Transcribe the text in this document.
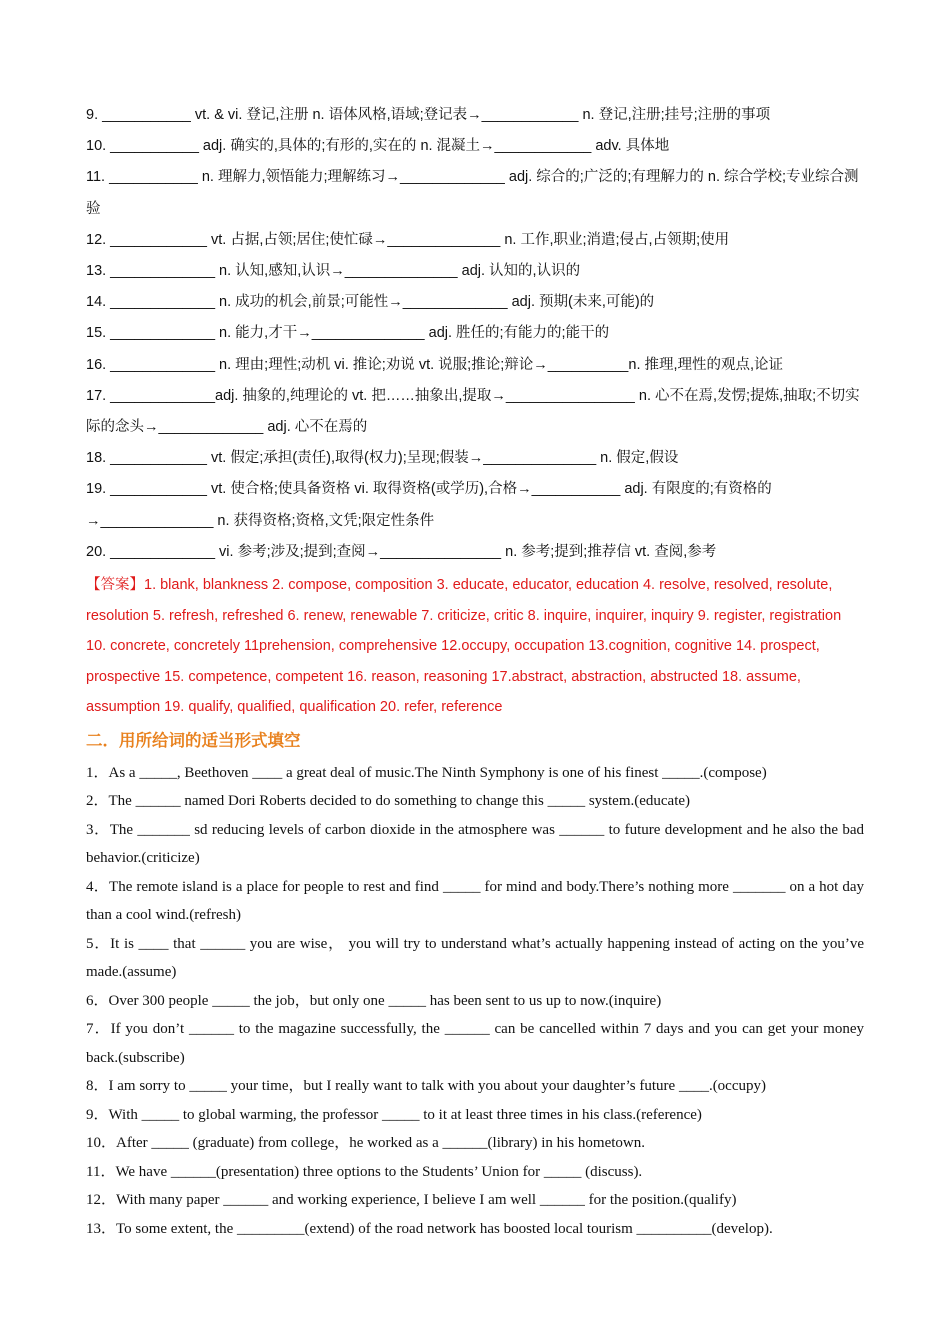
9. ___________ vt. & vi. 登记,注册 n. 语体风格,语域;登记表→____________ n. 登记,注册;挂号;注册的事项

10. ___________ adj. 确实的,具体的;有形的,实在的 n. 混凝土→____________ adv. 具体地

11. ___________ n. 理解力,领悟能力;理解练习→_____________ adj. 综合的;广泛的;有理解力的 n. 综合学校;专业综合测验

12. ____________ vt. 占据,占领;居住;使忙碌→______________ n. 工作,职业;消遣;侵占,占领期;使用

13. _____________ n. 认知,感知,认识→______________ adj. 认知的,认识的

14. _____________ n. 成功的机会,前景;可能性→_____________ adj. 预期(未来,可能)的

15. _____________ n. 能力,才干→______________ adj. 胜任的;有能力的;能干的

16. _____________ n. 理由;理性;动机 vi. 推论;劝说 vt. 说服;推论;辩论→__________n. 推理,理性的观点,论证

17. _____________adj. 抽象的,纯理论的 vt. 把……抽象出,提取→________________ n. 心不在焉,发愣;提炼,抽取;不切实际的念头→_____________ adj. 心不在焉的

18. ____________ vt. 假定;承担(责任),取得(权力);呈现;假装→______________ n. 假定,假设

19. ____________ vt. 使合格;使具备资格 vi. 取得资格(或学历),合格→___________ adj. 有限度的;有资格的→______________ n. 获得资格;资格,文凭;限定性条件

20. _____________ vi. 参考;涉及;提到;查阅→_______________ n. 参考;提到;推荐信 vt. 查阅,参考

【答案】1. blank, blankness 2. compose, composition 3. educate, educator, education 4. resolve, resolved, resolute, resolution 5. refresh, refreshed 6. renew, renewable 7. criticize, critic 8. inquire, inquirer, inquiry 9. register, registration 10. concrete, concretely 11prehension, comprehensive 12.occupy, occupation 13.cognition, cognitive 14. prospect, prospective 15. competence, competent 16. reason, reasoning 17.abstract, abstraction, abstructed 18. assume, assumption 19. qualify, qualified, qualification 20. refer, reference

二．用所给词的适当形式填空

1．As a _____, Beethoven ____ a great deal of music.The Ninth Symphony is one of his finest _____.(compose)

2．The ______ named Dori Roberts decided to do something to change this _____ system.(educate)

3．The _______ sd reducing levels of carbon dioxide in the atmosphere was ______ to future development and he also the bad behavior.(criticize)

4．The remote island is a place for people to rest and find _____ for mind and body.There’s nothing more _______ on a hot day than a cool wind.(refresh)

5．It is ____ that ______ you are wise， you will try to understand what’s actually happening instead of acting on the you’ve made.(assume)

6．Over 300 people _____ the job，but only one _____ has been sent to us up to now.(inquire)

7．If you don’t ______ to the magazine successfully, the ______ can be cancelled within 7 days and you can get your money back.(subscribe)

8．I am sorry to _____ your time，but I really want to talk with you about your daughter’s future ____.(occupy)

9．With _____ to global warming, the professor _____ to it at least three times in his class.(reference)

10．After _____ (graduate) from college，he worked as a ______(library) in his hometown.

11．We have ______(presentation) three options to the Students’ Union for _____ (discuss).

12．With many paper ______ and working experience, I believe I am well ______ for the position.(qualify)

13．To some extent, the _________(extend) of the road network has boosted local tourism __________(develop).
